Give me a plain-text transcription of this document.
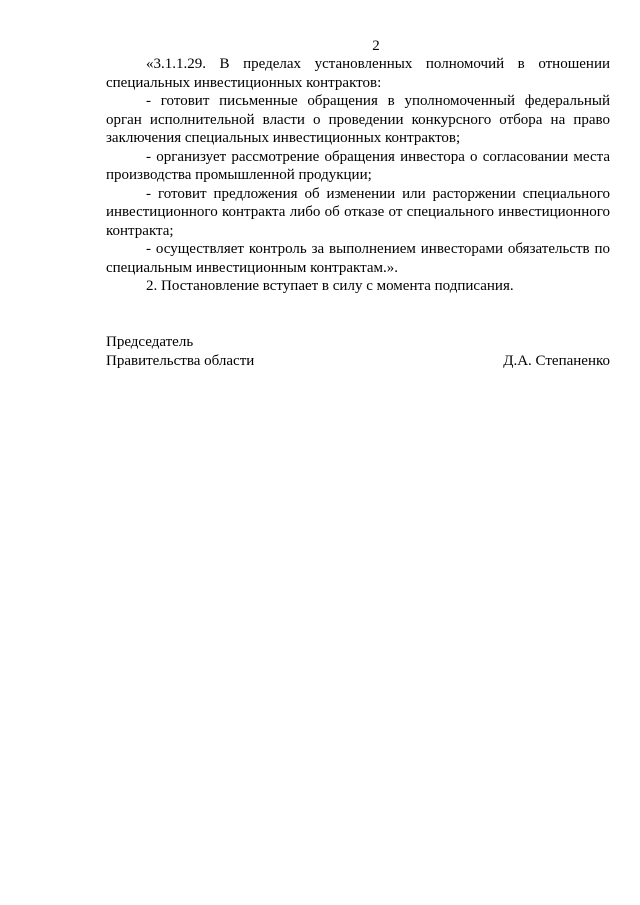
2

«3.1.1.29. В пределах установленных полномочий в отношении специальных инвестиционных контрактов:

- готовит письменные обращения в уполномоченный федеральный орган исполнительной власти о проведении конкурсного отбора на право заключения специальных инвестиционных контрактов;

- организует рассмотрение обращения инвестора о согласовании места производства промышленной продукции;

- готовит предложения об изменении или расторжении специального инвестиционного контракта либо об отказе от специального инвестиционного контракта;

- осуществляет контроль за выполнением инвесторами обязательств по специальным инвестиционным контрактам.».

2. Постановление вступает в силу с момента подписания.

Председатель
Правительства области	Д.А. Степаненко
